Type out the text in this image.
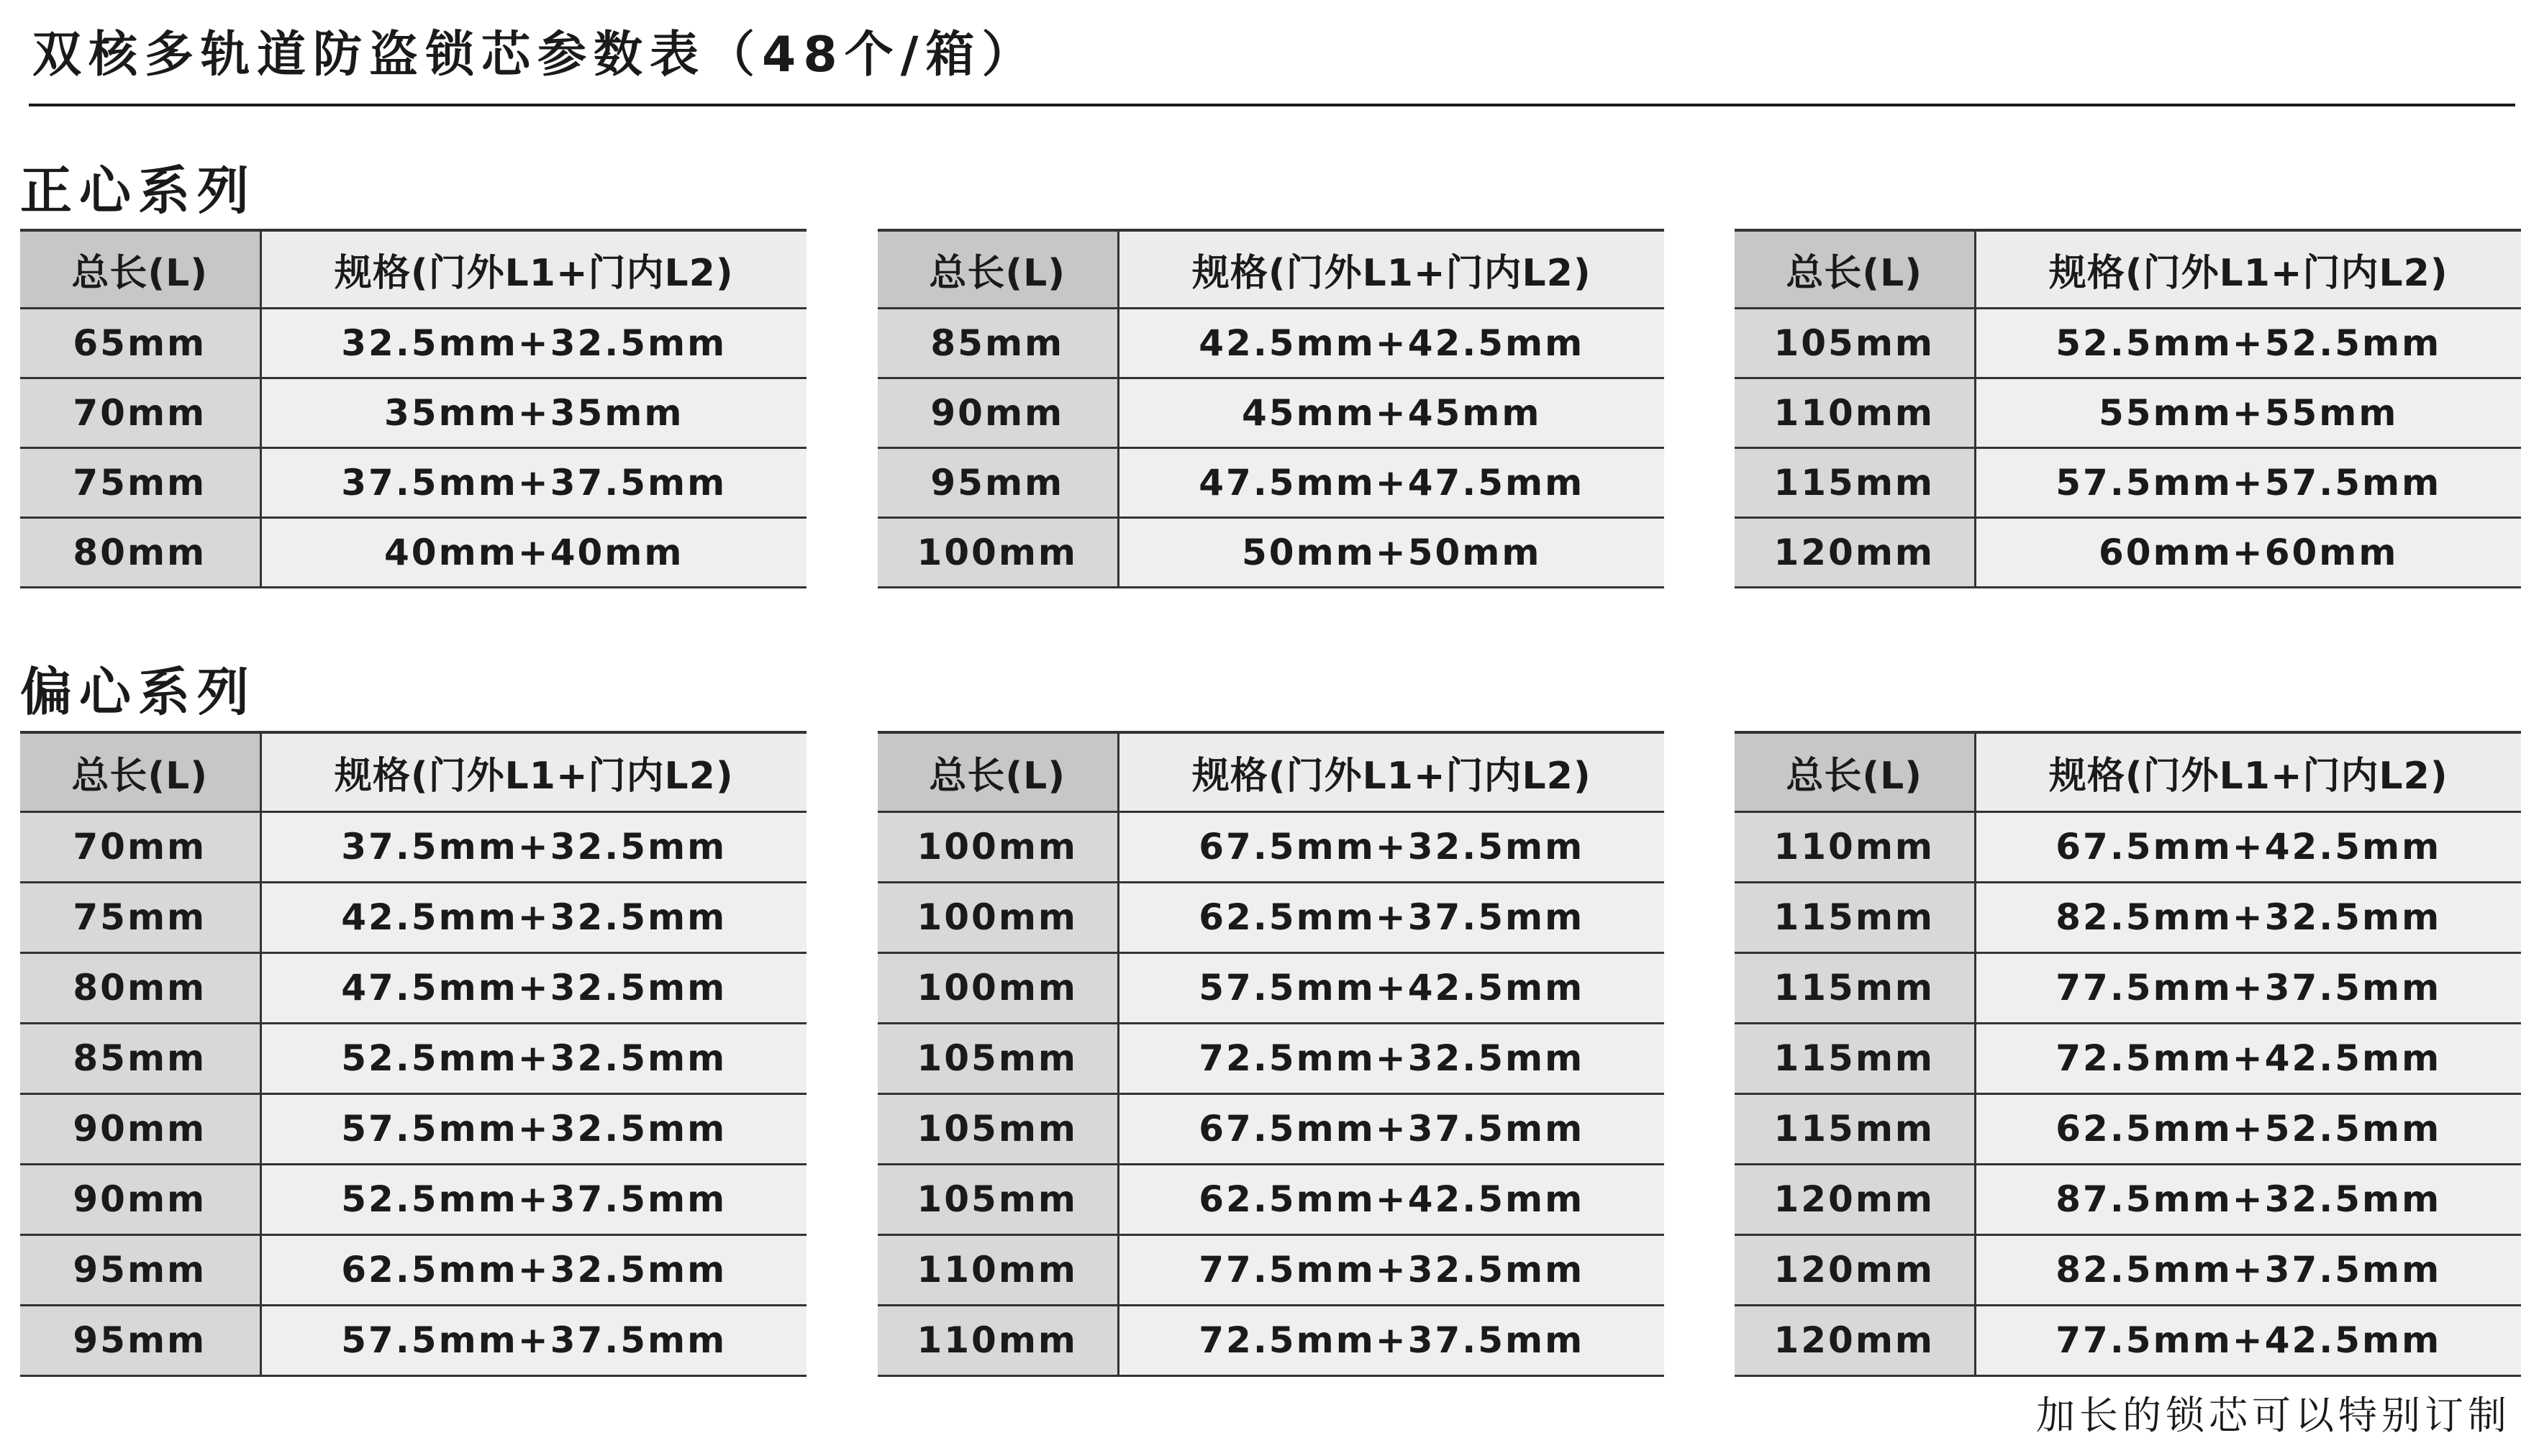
双核多轨道防盗锁芯参数表（48个/箱）
正心系列
偏心系列
总长(L)	规格(门外L1+门内L2)
65mm	32.5mm+32.5mm
70mm	35mm+35mm
75mm	37.5mm+37.5mm
80mm	40mm+40mm
总长(L)	规格(门外L1+门内L2)
85mm	42.5mm+42.5mm
90mm	45mm+45mm
95mm	47.5mm+47.5mm
100mm	50mm+50mm
总长(L)	规格(门外L1+门内L2)
105mm	52.5mm+52.5mm
110mm	55mm+55mm
115mm	57.5mm+57.5mm
120mm	60mm+60mm
总长(L)	规格(门外L1+门内L2)
70mm	37.5mm+32.5mm
75mm	42.5mm+32.5mm
80mm	47.5mm+32.5mm
85mm	52.5mm+32.5mm
90mm	57.5mm+32.5mm
90mm	52.5mm+37.5mm
95mm	62.5mm+32.5mm
95mm	57.5mm+37.5mm
总长(L)	规格(门外L1+门内L2)
100mm	67.5mm+32.5mm
100mm	62.5mm+37.5mm
100mm	57.5mm+42.5mm
105mm	72.5mm+32.5mm
105mm	67.5mm+37.5mm
105mm	62.5mm+42.5mm
110mm	77.5mm+32.5mm
110mm	72.5mm+37.5mm
总长(L)	规格(门外L1+门内L2)
110mm	67.5mm+42.5mm
115mm	82.5mm+32.5mm
115mm	77.5mm+37.5mm
115mm	72.5mm+42.5mm
115mm	62.5mm+52.5mm
120mm	87.5mm+32.5mm
120mm	82.5mm+37.5mm
120mm	77.5mm+42.5mm
加长的锁芯可以特别订制
